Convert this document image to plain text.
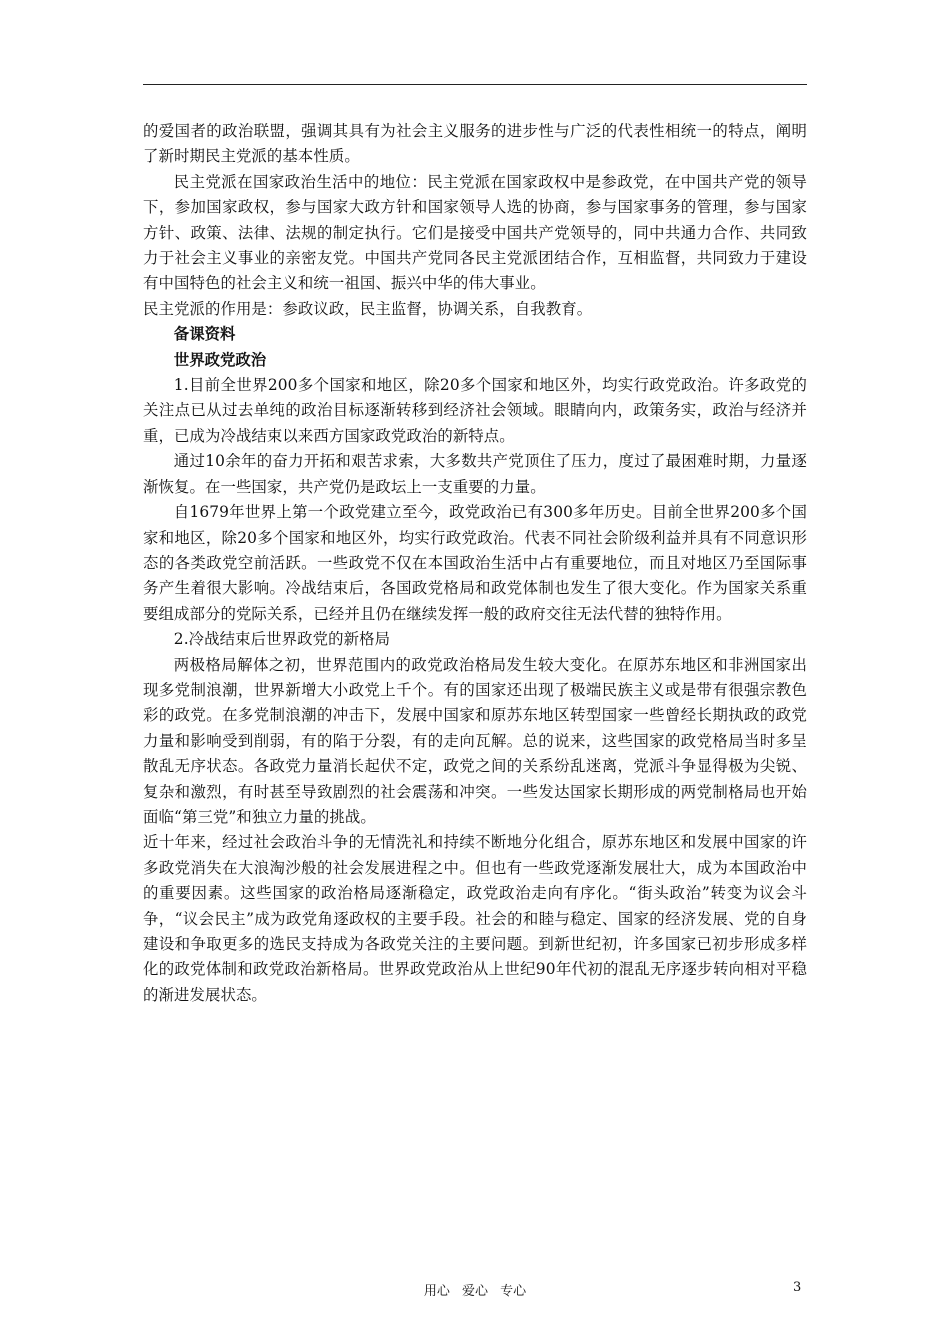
的爱国者的政治联盟，强调其具有为社会主义服务的进步性与广泛的代表性相统一的特点，阐明了新时期民主党派的基本性质。

民主党派在国家政治生活中的地位：民主党派在国家政权中是参政党，在中国共产党的领导下，参加国家政权，参与国家大政方针和国家领导人选的协商，参与国家事务的管理，参与国家方针、政策、法律、法规的制定执行。它们是接受中国共产党领导的，同中共通力合作、共同致力于社会主义事业的亲密友党。中国共产党同各民主党派团结合作，互相监督，共同致力于建设有中国特色的社会主义和统一祖国、振兴中华的伟大事业。

民主党派的作用是：参政议政，民主监督，协调关系，自我教育。

备课资料

世界政党政治

1.目前全世界200多个国家和地区，除20多个国家和地区外，均实行政党政治。许多政党的关注点已从过去单纯的政治目标逐渐转移到经济社会领域。眼睛向内，政策务实，政治与经济并重，已成为冷战结束以来西方国家政党政治的新特点。

通过10余年的奋力开拓和艰苦求索，大多数共产党顶住了压力，度过了最困难时期，力量逐渐恢复。在一些国家，共产党仍是政坛上一支重要的力量。

自1679年世界上第一个政党建立至今，政党政治已有300多年历史。目前全世界200多个国家和地区，除20多个国家和地区外，均实行政党政治。代表不同社会阶级利益并具有不同意识形态的各类政党空前活跃。一些政党不仅在本国政治生活中占有重要地位，而且对地区乃至国际事务产生着很大影响。冷战结束后，各国政党格局和政党体制也发生了很大变化。作为国家关系重要组成部分的党际关系，已经并且仍在继续发挥一般的政府交往无法代替的独特作用。

2.冷战结束后世界政党的新格局

两极格局解体之初，世界范围内的政党政治格局发生较大变化。在原苏东地区和非洲国家出现多党制浪潮，世界新增大小政党上千个。有的国家还出现了极端民族主义或是带有很强宗教色彩的政党。在多党制浪潮的冲击下，发展中国家和原苏东地区转型国家一些曾经长期执政的政党力量和影响受到削弱，有的陷于分裂，有的走向瓦解。总的说来，这些国家的政党格局当时多呈散乱无序状态。各政党力量消长起伏不定，政党之间的关系纷乱迷离，党派斗争显得极为尖锐、复杂和激烈，有时甚至导致剧烈的社会震荡和冲突。一些发达国家长期形成的两党制格局也开始面临“第三党”和独立力量的挑战。

近十年来，经过社会政治斗争的无情洗礼和持续不断地分化组合，原苏东地区和发展中国家的许多政党消失在大浪淘沙般的社会发展进程之中。但也有一些政党逐渐发展壮大，成为本国政治中的重要因素。这些国家的政治格局逐渐稳定，政党政治走向有序化。“街头政治”转变为议会斗争，“议会民主”成为政党角逐政权的主要手段。社会的和睦与稳定、国家的经济发展、党的自身建设和争取更多的选民支持成为各政党关注的主要问题。到新世纪初，许多国家已初步形成多样化的政党体制和政党政治新格局。世界政党政治从上世纪90年代初的混乱无序逐步转向相对平稳的渐进发展状态。

用心 爱心 专心	3
